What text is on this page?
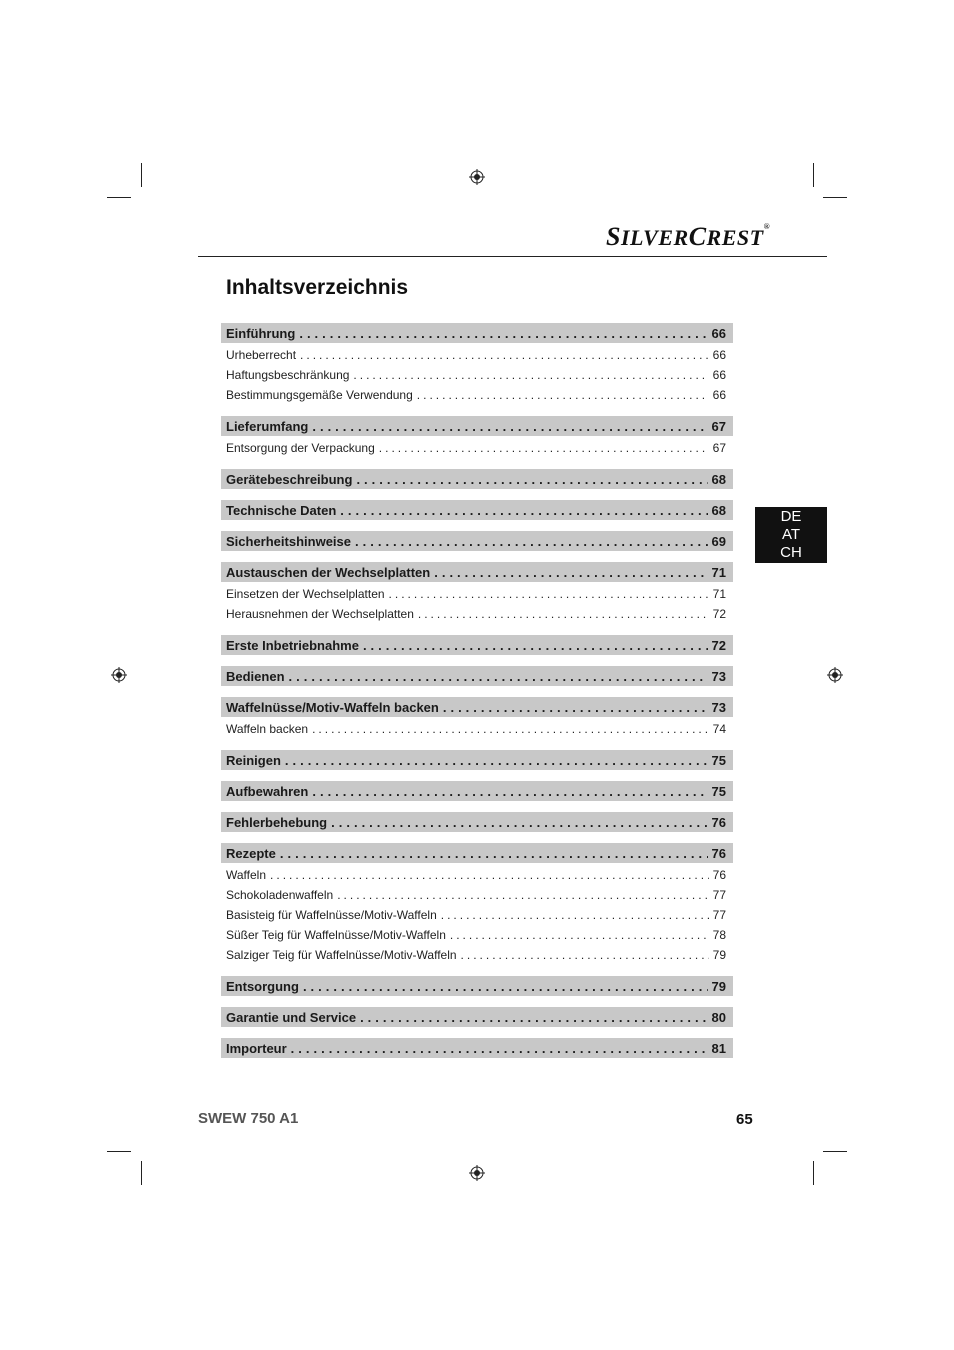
SILVERCREST®
Inhaltsverzeichnis
DE
AT
CH
Einführung .....	66
Urheberrecht .....	66
Haftungsbeschränkung .....	66
Bestimmungsgemäße Verwendung .....	66
Lieferumfang .....	67
Entsorgung der Verpackung .....	67
Gerätebeschreibung .....	68
Technische Daten .....	68
Sicherheitshinweise .....	69
Austauschen der Wechselplatten .....	71
Einsetzen der Wechselplatten .....	71
Herausnehmen der Wechselplatten .....	72
Erste Inbetriebnahme .....	72
Bedienen .....	73
Waffelnüsse/Motiv-Waffeln backen .....	73
Waffeln backen .....	74
Reinigen .....	75
Aufbewahren .....	75
Fehlerbehebung .....	76
Rezepte .....	76
Waffeln .....	76
Schokoladenwaffeln .....	77
Basisteig für Waffelnüsse/Motiv-Waffeln .....	77
Süßer Teig für Waffelnüsse/Motiv-Waffeln .....	78
Salziger Teig für Waffelnüsse/Motiv-Waffeln .....	79
Entsorgung .....	79
Garantie und Service .....	80
Importeur .....	81
SWEW 750 A1	65
